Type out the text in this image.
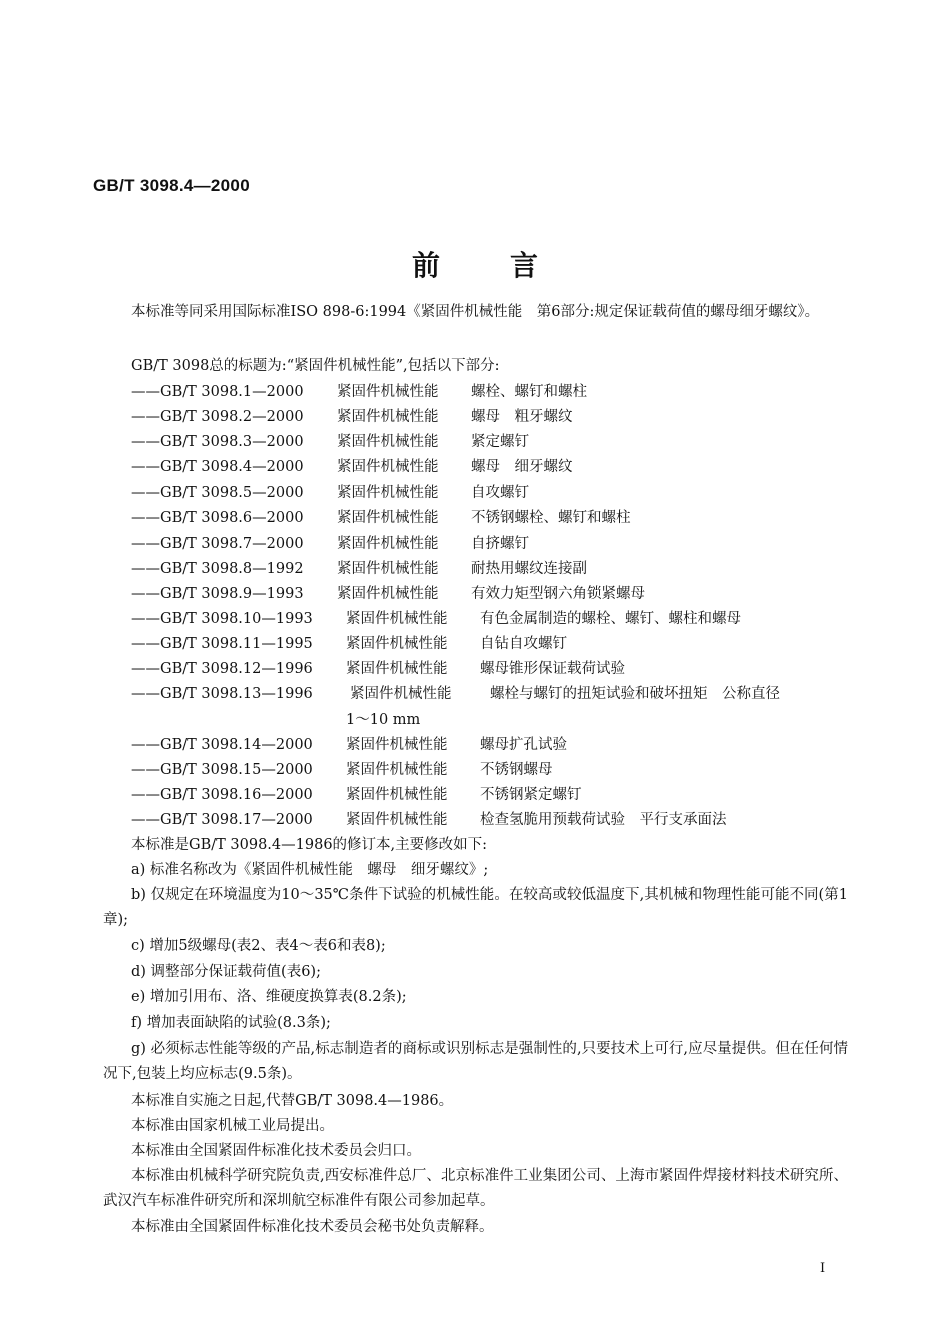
GB/T 3098.4—2000
前言
本标准等同采用国际标准ISO 898-6:1994《紧固件机械性能　第6部分:规定保证载荷值的螺母细牙螺纹》。
GB/T 3098总的标题为:“紧固件机械性能”,包括以下部分:
——GB/T 3098.1—2000 紧固件机械性能 螺栓、螺钉和螺柱
——GB/T 3098.2—2000 紧固件机械性能 螺母　粗牙螺纹
——GB/T 3098.3—2000 紧固件机械性能 紧定螺钉
——GB/T 3098.4—2000 紧固件机械性能 螺母　细牙螺纹
——GB/T 3098.5—2000 紧固件机械性能 自攻螺钉
——GB/T 3098.6—2000 紧固件机械性能 不锈钢螺栓、螺钉和螺柱
——GB/T 3098.7—2000 紧固件机械性能 自挤螺钉
——GB/T 3098.8—1992 紧固件机械性能 耐热用螺纹连接副
——GB/T 3098.9—1993 紧固件机械性能 有效力矩型钢六角锁紧螺母
——GB/T 3098.10—1993 紧固件机械性能 有色金属制造的螺栓、螺钉、螺柱和螺母
——GB/T 3098.11—1995 紧固件机械性能 自钻自攻螺钉
——GB/T 3098.12—1996 紧固件机械性能 螺母锥形保证载荷试验
——GB/T 3098.13—1996	紧固件机械性能	螺栓与螺钉的扭矩试验和破坏扭矩　公称直径
1～10 mm
——GB/T 3098.14—2000 紧固件机械性能 螺母扩孔试验
——GB/T 3098.15—2000 紧固件机械性能 不锈钢螺母
——GB/T 3098.16—2000 紧固件机械性能 不锈钢紧定螺钉
——GB/T 3098.17—2000 紧固件机械性能 检查氢脆用预载荷试验　平行支承面法
本标准是GB/T 3098.4—1986的修订本,主要修改如下:
a) 标准名称改为《紧固件机械性能　螺母　细牙螺纹》;
b) 仅规定在环境温度为10～35℃条件下试验的机械性能。在较高或较低温度下,其机械和物理性能可能不同(第1章);
c) 增加5级螺母(表2、表4～表6和表8);
d) 调整部分保证载荷值(表6);
e) 增加引用布、洛、维硬度换算表(8.2条);
f) 增加表面缺陷的试验(8.3条);
g) 必须标志性能等级的产品,标志制造者的商标或识别标志是强制性的,只要技术上可行,应尽量提供。但在任何情况下,包装上均应标志(9.5条)。
本标准自实施之日起,代替GB/T 3098.4—1986。
本标准由国家机械工业局提出。
本标准由全国紧固件标准化技术委员会归口。
本标准由机械科学研究院负责,西安标准件总厂、北京标准件工业集团公司、上海市紧固件焊接材料技术研究所、武汉汽车标准件研究所和深圳航空标准件有限公司参加起草。
本标准由全国紧固件标准化技术委员会秘书处负责解释。
I
